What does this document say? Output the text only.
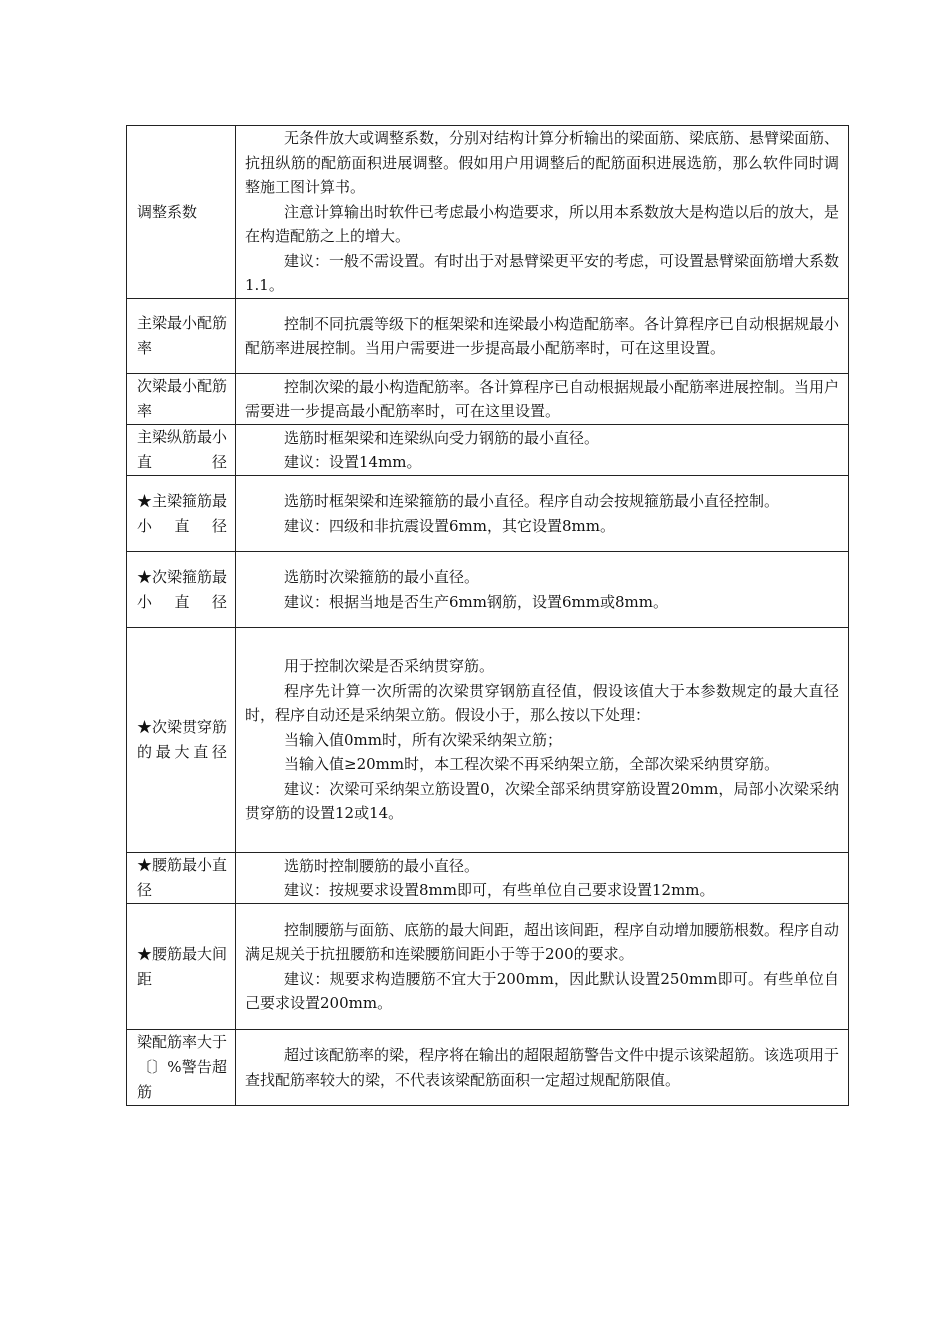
调整系数	无条件放大或调整系数，分别对结构计算分析输出的梁面筋、梁底筋、悬臂梁面筋、抗扭纵筋的配筋面积进展调整。假如用户用调整后的配筋面积进展选筋，那么软件同时调整施工图计算书。

注意计算输出时软件已考虑最小构造要求，所以用本系数放大是构造以后的放大，是在构造配筋之上的增大。

建议：一般不需设置。有时出于对悬臂梁更平安的考虑，可设置悬臂梁面筋增大系数1.1。

主梁最小配筋率	控制不同抗震等级下的框架梁和连梁最小构造配筋率。各计算程序已自动根据规最小配筋率进展控制。当用户需要进一步提高最小配筋率时，可在这里设置。

次梁最小配筋率	控制次梁的最小构造配筋率。各计算程序已自动根据规最小配筋率进展控制。当用户需要进一步提高最小配筋率时，可在这里设置。

主梁纵筋最小直径	选筋时框架梁和连梁纵向受力钢筋的最小直径。

建议：设置14mm。

★主梁箍筋最小直径	选筋时框架梁和连梁箍筋的最小直径。程序自动会按规箍筋最小直径控制。

建议：四级和非抗震设置6mm，其它设置8mm。

★次梁箍筋最小直径	选筋时次梁箍筋的最小直径。

建议：根据当地是否生产6mm钢筋，设置6mm或8mm。

★次梁贯穿筋的最大直径	用于控制次梁是否采纳贯穿筋。

程序先计算一次所需的次梁贯穿钢筋直径值，假设该值大于本参数规定的最大直径时，程序自动还是采纳架立筋。假设小于，那么按以下处理：

当输入值0mm时，所有次梁采纳架立筋；

当输入值≥20mm时，本工程次梁不再采纳架立筋，全部次梁采纳贯穿筋。

建议：次梁可采纳架立筋设置0，次梁全部采纳贯穿筋设置20mm，局部小次梁采纳贯穿筋的设置12或14。

★腰筋最小直径	选筋时控制腰筋的最小直径。

建议：按规要求设置8mm即可，有些单位自己要求设置12mm。

★腰筋最大间距	控制腰筋与面筋、底筋的最大间距，超出该间距，程序自动增加腰筋根数。程序自动满足规关于抗扭腰筋和连梁腰筋间距小于等于200的要求。

建议：规要求构造腰筋不宜大于200mm，因此默认设置250mm即可。有些单位自己要求设置200mm。

梁配筋率大于〔〕%警告超筋	超过该配筋率的梁，程序将在输出的超限超筋警告文件中提示该梁超筋。该选项用于查找配筋率较大的梁，不代表该梁配筋面积一定超过规配筋限值。
